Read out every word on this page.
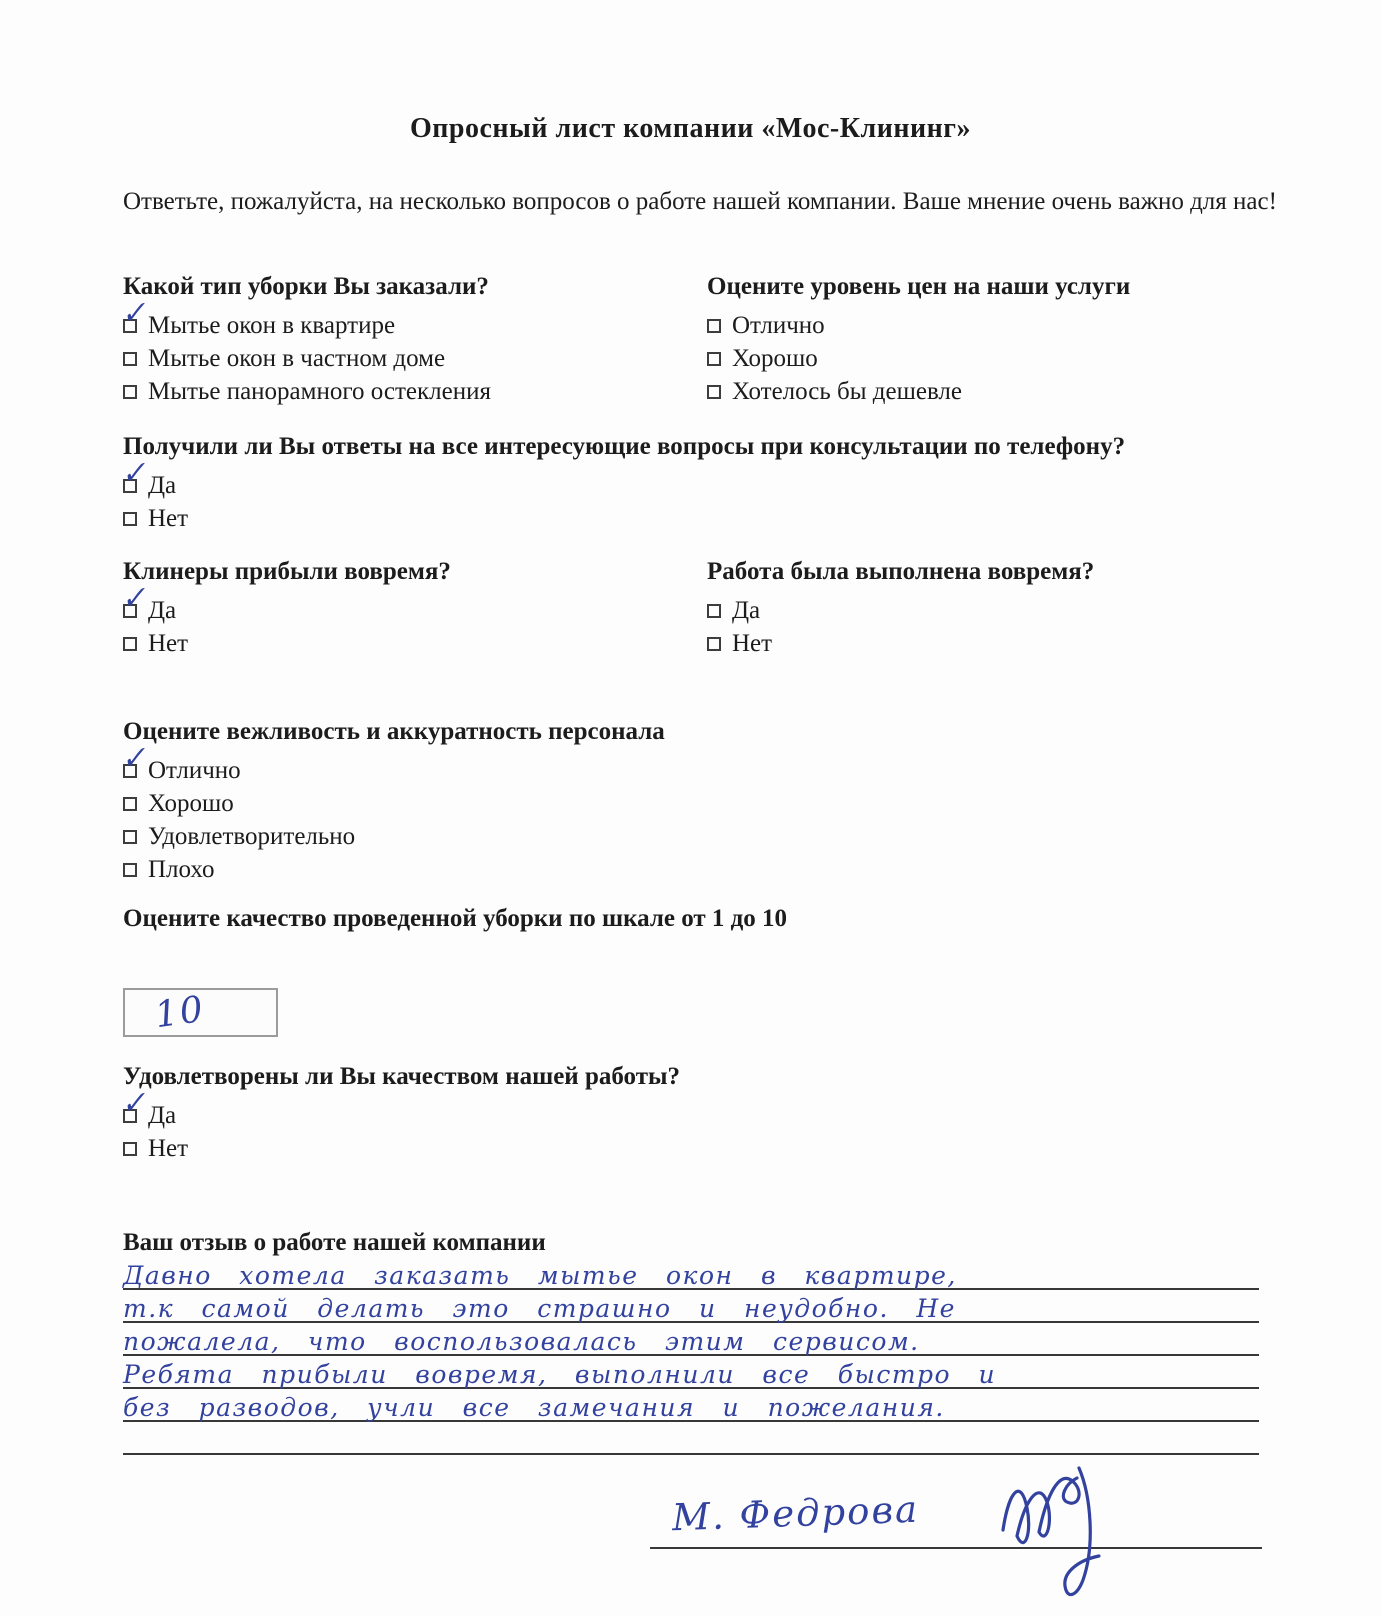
Опросный лист компании «Мос-Клининг»
Ответьте, пожалуйста, на несколько вопросов о работе нашей компании. Ваше мнение очень важно для нас!
Какой тип уборки Вы заказали?
✓ Мытье окон в квартире
Мытье окон в частном доме
Мытье панорамного остекления
Оцените уровень цен на наши услуги
Отлично
Хорошо
Хотелось бы дешевле
Получили ли Вы ответы на все интересующие вопросы при консультации по телефону?
✓ Да
Нет
Клинеры прибыли вовремя?
✓ Да
Нет
Работа была выполнена вовремя?
Да
Нет
Оцените вежливость и аккуратность персонала
✓ Отлично
Хорошо
Удовлетворительно
Плохо
Оцените качество проведенной уборки по шкале от 1 до 10
10
Удовлетворены ли Вы качеством нашей работы?
✓ Да
Нет
Ваш отзыв о работе нашей компании
Давно хотела заказать мытье окон в квартире,
т.к самой делать это страшно и неудобно. Не
пожалела, что воспользовалась этим сервисом.
Ребята прибыли вовремя, выполнили все быстро и
без разводов, учли все замечания и пожелания.
М. Федрова
